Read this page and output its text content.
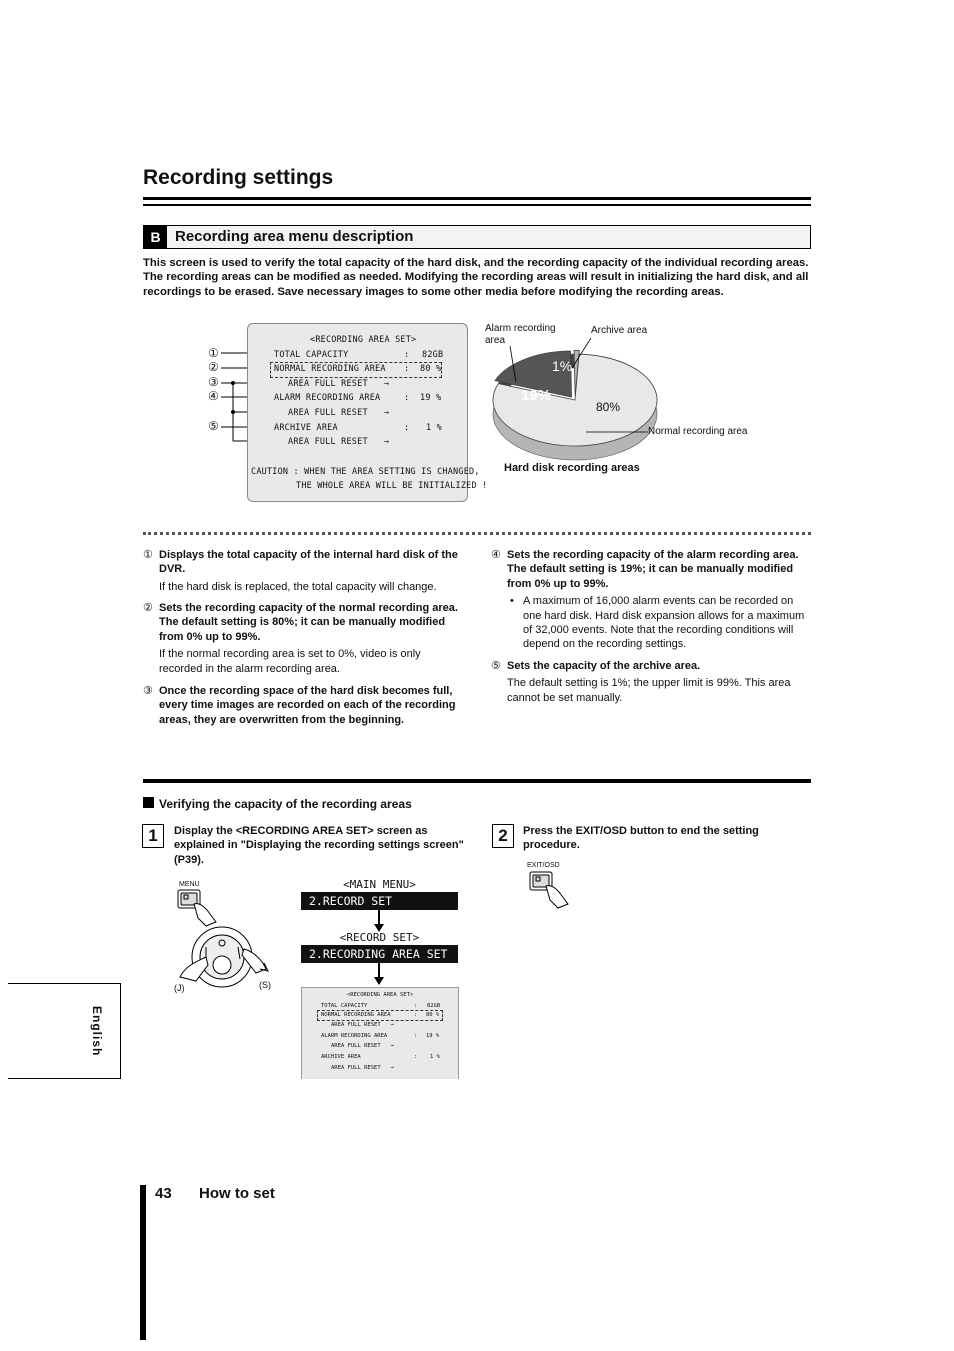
Recording settings
B Recording area menu description
This screen is used to verify the total capacity of the hard disk, and the recording capacity of the individual recording areas. The recording areas can be modified as needed. Modifying the recording areas will result in initializing the hard disk, and all recordings to be erased. Save necessary images to some other media before modifying the recording areas.
①
②
③
④
⑤
<RECORDING AREA SET>
TOTAL CAPACITY	: 82GB
NORMAL RECORDING AREA : 80 %
AREA FULL RESET   →
ALARM RECORDING AREA	: 19 %
AREA FULL RESET   →
ARCHIVE AREA	: 1 %
AREA FULL RESET   →
CAUTION : WHEN THE AREA SETTING IS CHANGED,
THE WHOLE AREA WILL BE INITIALIZED !
Alarm recording
area
Archive area
Normal recording area
19%
1%
80%
Hard disk recording areas
① Displays the total capacity of the internal hard disk of the DVR.
If the hard disk is replaced, the total capacity will change.
② Sets the recording capacity of the normal recording area. The default setting is 80%; it can be manually modified from 0% up to 99%.
If the normal recording area is set to 0%, video is only recorded in the alarm recording area.
③ Once the recording space of the hard disk becomes full, every time images are recorded on each of the recording areas, they are overwritten from the beginning.
④ Sets the recording capacity of the alarm recording area. The default setting is 19%; it can be manually modified from 0% up to 99%.
• A maximum of 16,000 alarm events can be recorded on one hard disk. Hard disk expansion allows for a maximum of 32,000 events. Note that the recording conditions will depend on the recording settings.
⑤ Sets the capacity of the archive area.
The default setting is 1%; the upper limit is 99%. This area cannot be set manually.
Verifying the capacity of the recording areas
1	Display the <RECORDING AREA SET> screen as explained in "Displaying the recording settings screen" (P39).
2	Press the EXIT/OSD button to end the setting procedure.
MENU
(J)	(S)
<MAIN MENU>
2.RECORD SET
<RECORD SET>
2.RECORDING AREA SET
<RECORDING AREA SET>
TOTAL CAPACITY	: 82GB
NORMAL RECORDING AREA	: 80 %
AREA FULL RESET   →
ALARM RECORDING AREA	: 19 %
AREA FULL RESET   →
ARCHIVE AREA	: 1 %
AREA FULL RESET   →
EXIT/OSD
English
43 How to set
